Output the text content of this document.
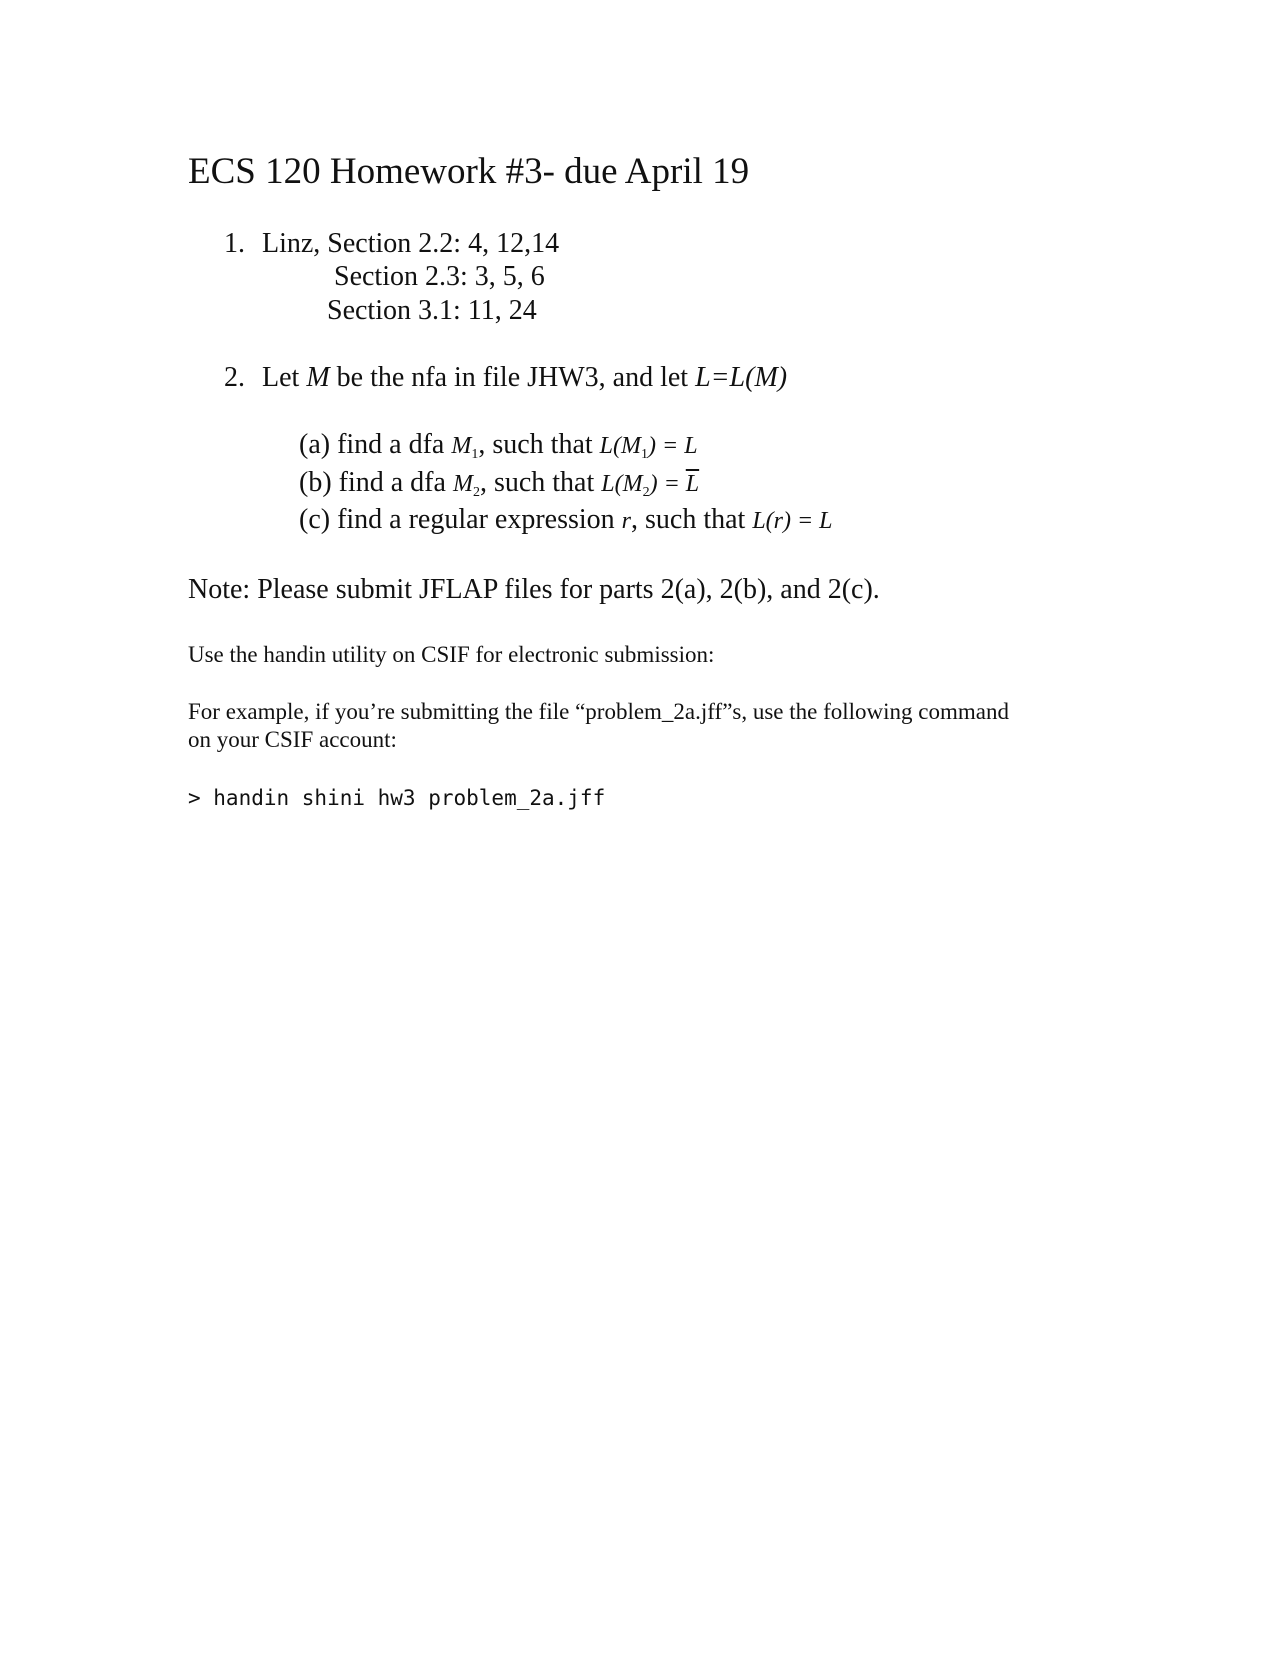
ECS 120 Homework #3- due April 19
1. Linz, Section 2.2: 4, 12,14
Section 2.3: 3, 5, 6
Section 3.1: 11, 24
2. Let M be the nfa in file JHW3, and let L=L(M)
(a) find a dfa $M_1$, such that $L(M_1) = L$
(b) find a dfa $M_2$, such that $L(M_2) = \overline{L}$
(c) find a regular expression r, such that L(r) = L
Note: Please submit JFLAP files for parts 2(a), 2(b), and 2(c).
Use the handin utility on CSIF for electronic submission:
For example, if you’re submitting the file “problem_2a.jff”s, use the following command
on your CSIF account:
> handin shini hw3 problem_2a.jff
